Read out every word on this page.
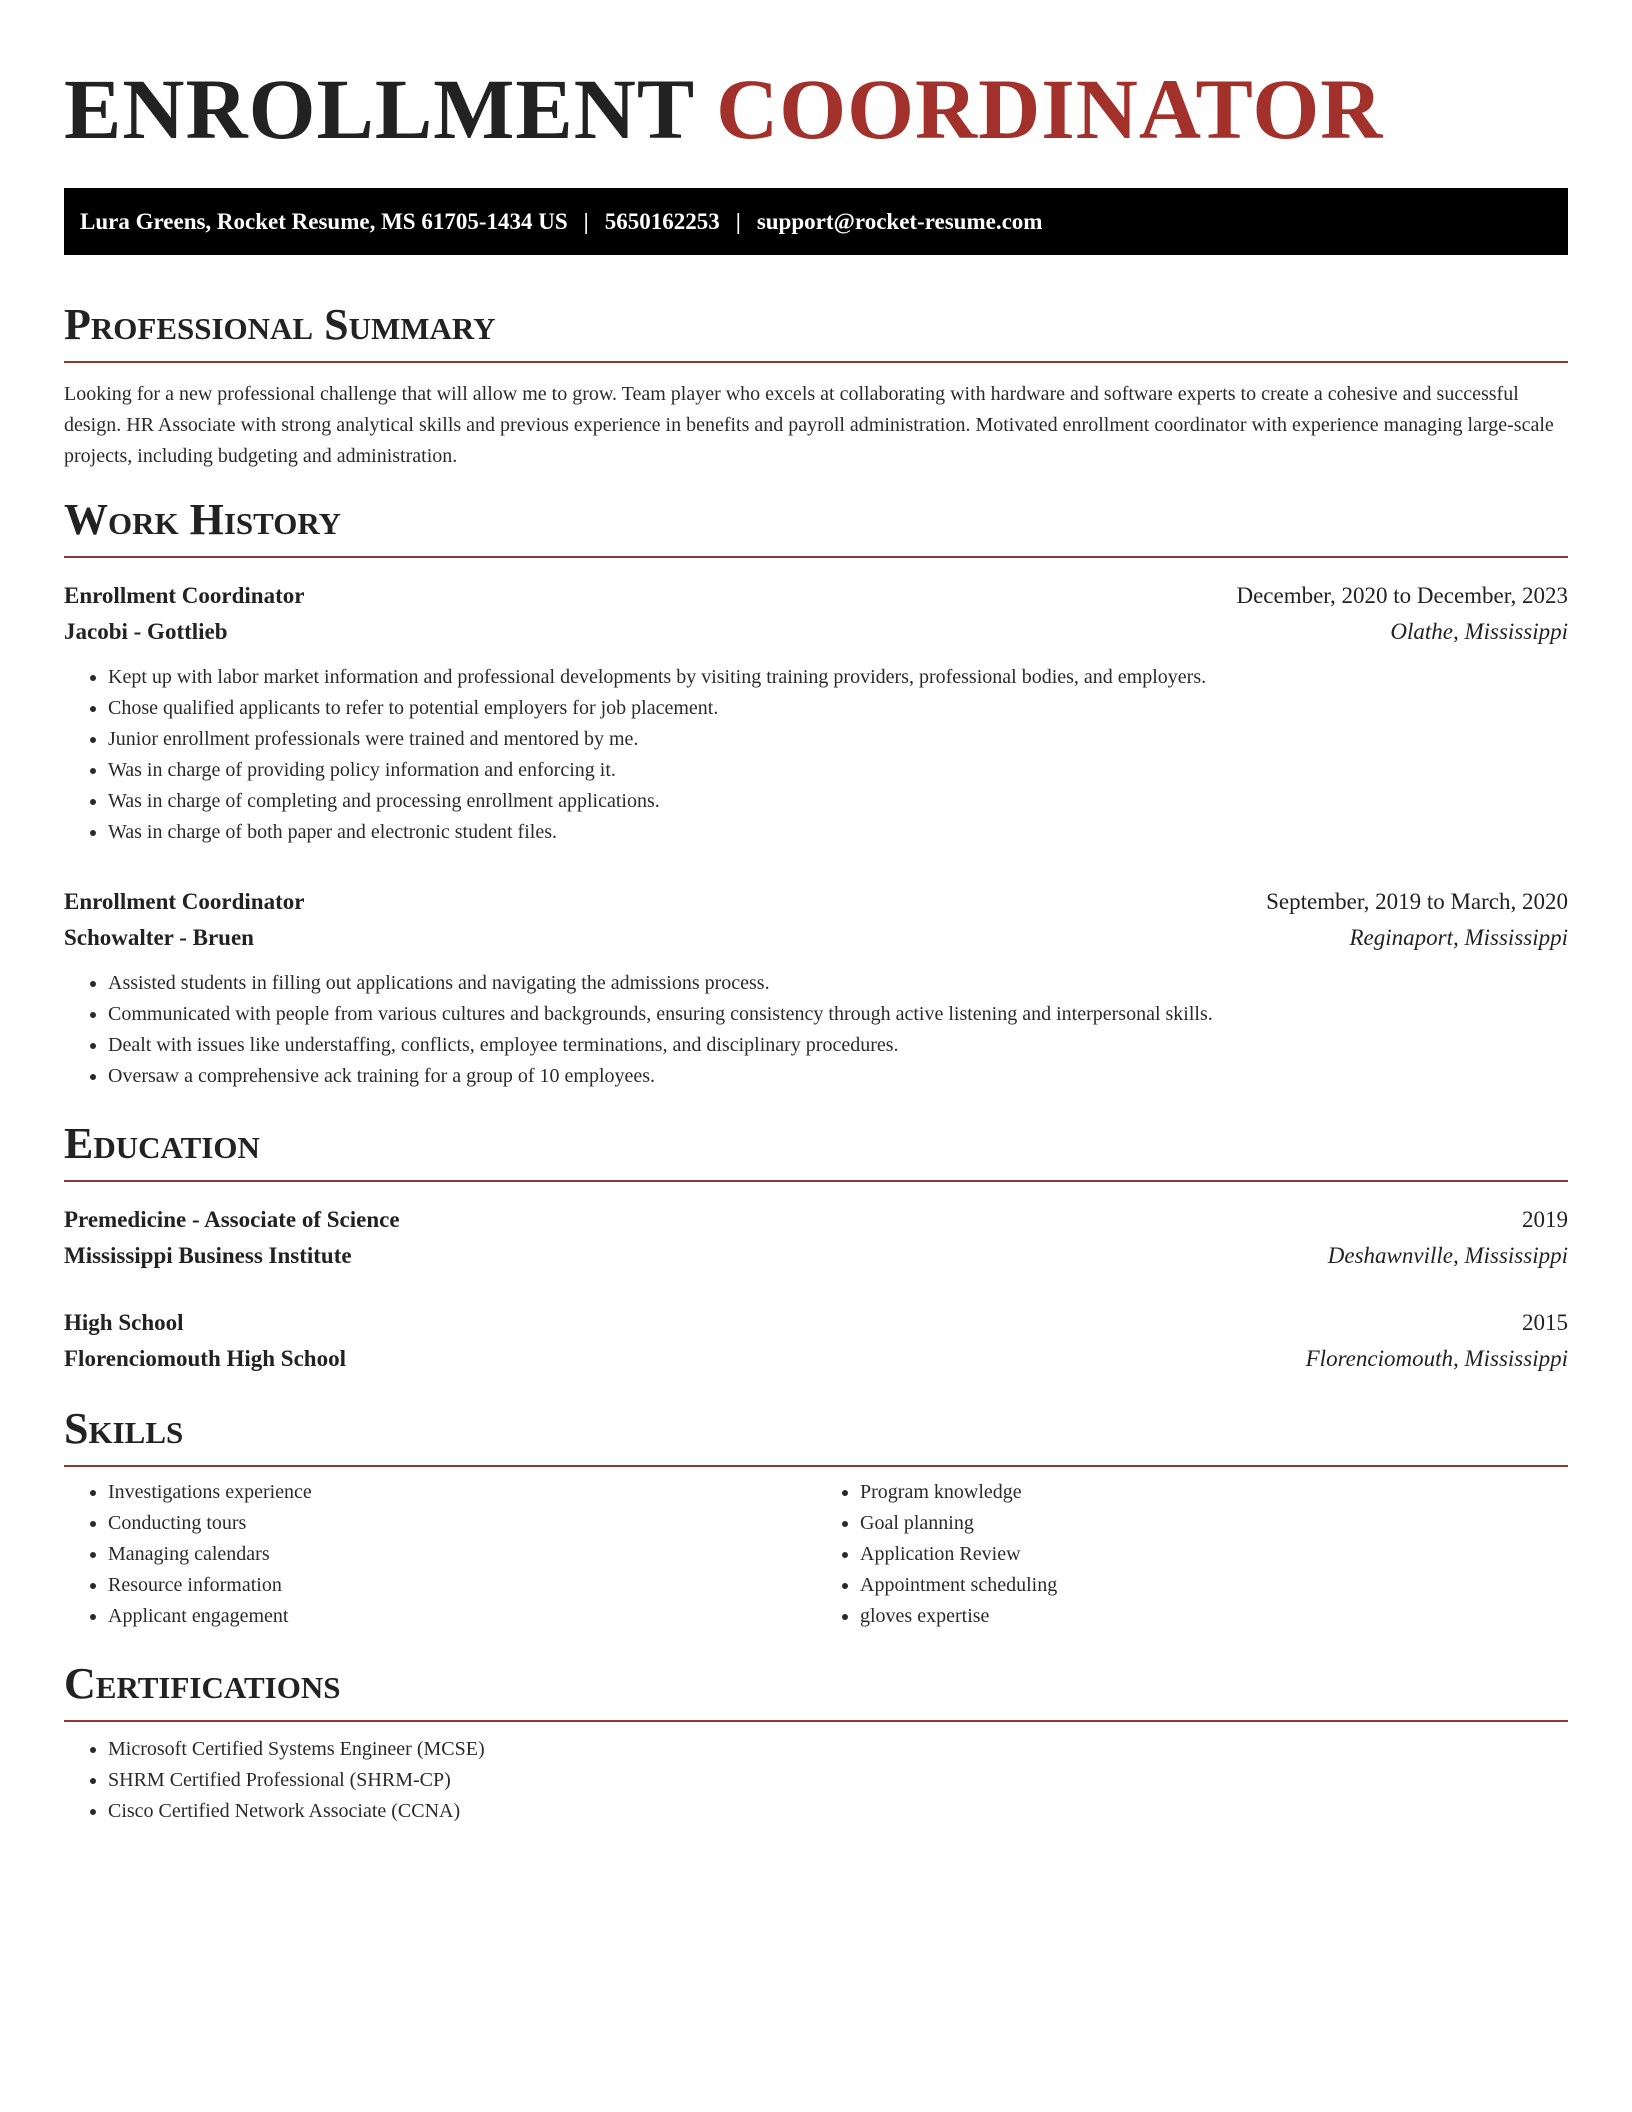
ENROLLMENT COORDINATOR
Lura Greens, Rocket Resume, MS 61705-1434 US | 5650162253 | support@rocket-resume.com
Professional Summary

Looking for a new professional challenge that will allow me to grow. Team player who excels at collaborating with hardware and software experts to create a cohesive and successful design. HR Associate with strong analytical skills and previous experience in benefits and payroll administration. Motivated enrollment coordinator with experience managing large-scale projects, including budgeting and administration.

Work History
Enrollment Coordinator	December, 2020 to December, 2023
Jacobi - Gottlieb	Olathe, Mississippi
• Kept up with labor market information and professional developments by visiting training providers, professional bodies, and employers.
• Chose qualified applicants to refer to potential employers for job placement.
• Junior enrollment professionals were trained and mentored by me.
• Was in charge of providing policy information and enforcing it.
• Was in charge of completing and processing enrollment applications.
• Was in charge of both paper and electronic student files.
Enrollment Coordinator	September, 2019 to March, 2020
Schowalter - Bruen	Reginaport, Mississippi
• Assisted students in filling out applications and navigating the admissions process.
• Communicated with people from various cultures and backgrounds, ensuring consistency through active listening and interpersonal skills.
• Dealt with issues like understaffing, conflicts, employee terminations, and disciplinary procedures.
• Oversaw a comprehensive ack training for a group of 10 employees.
Education
Premedicine - Associate of Science	2019
Mississippi Business Institute	Deshawnville, Mississippi
High School	2015
Florenciomouth High School	Florenciomouth, Mississippi
Skills
• Investigations experience
• Conducting tours
• Managing calendars
• Resource information
• Applicant engagement
• Program knowledge
• Goal planning
• Application Review
• Appointment scheduling
• gloves expertise
Certifications
• Microsoft Certified Systems Engineer (MCSE)
• SHRM Certified Professional (SHRM-CP)
• Cisco Certified Network Associate (CCNA)
